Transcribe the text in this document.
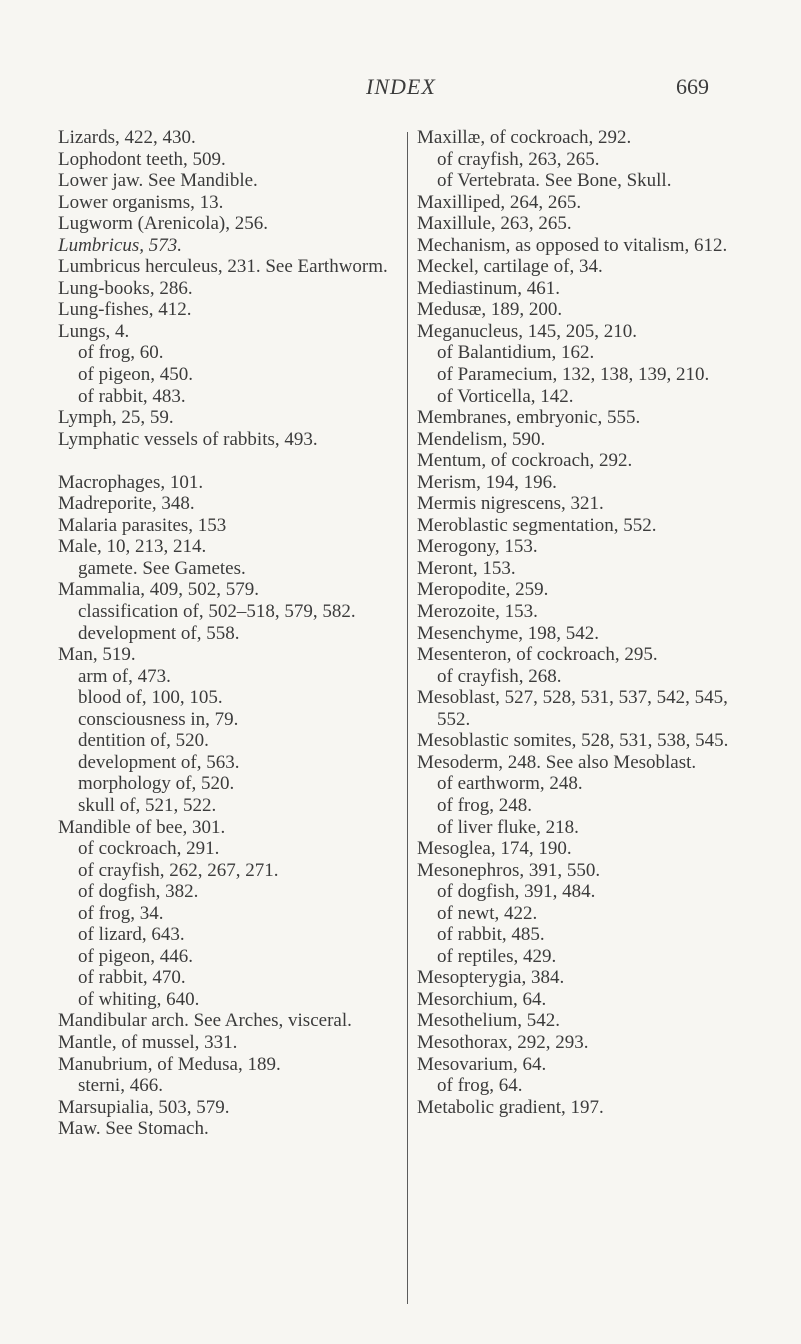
INDEX	669
Lizards, 422, 430.
Lophodont teeth, 509.
Lower jaw. See Mandible.
Lower organisms, 13.
Lugworm (Arenicola), 256.
Lumbricus, 573.
Lumbricus herculeus, 231. See Earthworm.
Lung-books, 286.
Lung-fishes, 412.
Lungs, 4.
of frog, 60.
of pigeon, 450.
of rabbit, 483.
Lymph, 25, 59.
Lymphatic vessels of rabbits, 493.
Macrophages, 101.
Madreporite, 348.
Malaria parasites, 153
Male, 10, 213, 214.
gamete. See Gametes.
Mammalia, 409, 502, 579.
classification of, 502–518, 579, 582.
development of, 558.
Man, 519.
arm of, 473.
blood of, 100, 105.
consciousness in, 79.
dentition of, 520.
development of, 563.
morphology of, 520.
skull of, 521, 522.
Mandible of bee, 301.
of cockroach, 291.
of crayfish, 262, 267, 271.
of dogfish, 382.
of frog, 34.
of lizard, 643.
of pigeon, 446.
of rabbit, 470.
of whiting, 640.
Mandibular arch. See Arches, visceral.
Mantle, of mussel, 331.
Manubrium, of Medusa, 189.
sterni, 466.
Marsupialia, 503, 579.
Maw. See Stomach.
Maxillæ, of cockroach, 292.
of crayfish, 263, 265.
of Vertebrata. See Bone, Skull.
Maxilliped, 264, 265.
Maxillule, 263, 265.
Mechanism, as opposed to vitalism, 612.
Meckel, cartilage of, 34.
Mediastinum, 461.
Medusæ, 189, 200.
Meganucleus, 145, 205, 210.
of Balantidium, 162.
of Paramecium, 132, 138, 139, 210.
of Vorticella, 142.
Membranes, embryonic, 555.
Mendelism, 590.
Mentum, of cockroach, 292.
Merism, 194, 196.
Mermis nigrescens, 321.
Meroblastic segmentation, 552.
Merogony, 153.
Meront, 153.
Meropodite, 259.
Merozoite, 153.
Mesenchyme, 198, 542.
Mesenteron, of cockroach, 295.
of crayfish, 268.
Mesoblast, 527, 528, 531, 537, 542, 545, 552.
Mesoblastic somites, 528, 531, 538, 545.
Mesoderm, 248. See also Mesoblast.
of earthworm, 248.
of frog, 248.
of liver fluke, 218.
Mesoglea, 174, 190.
Mesonephros, 391, 550.
of dogfish, 391, 484.
of newt, 422.
of rabbit, 485.
of reptiles, 429.
Mesopterygia, 384.
Mesorchium, 64.
Mesothelium, 542.
Mesothorax, 292, 293.
Mesovarium, 64.
of frog, 64.
Metabolic gradient, 197.
